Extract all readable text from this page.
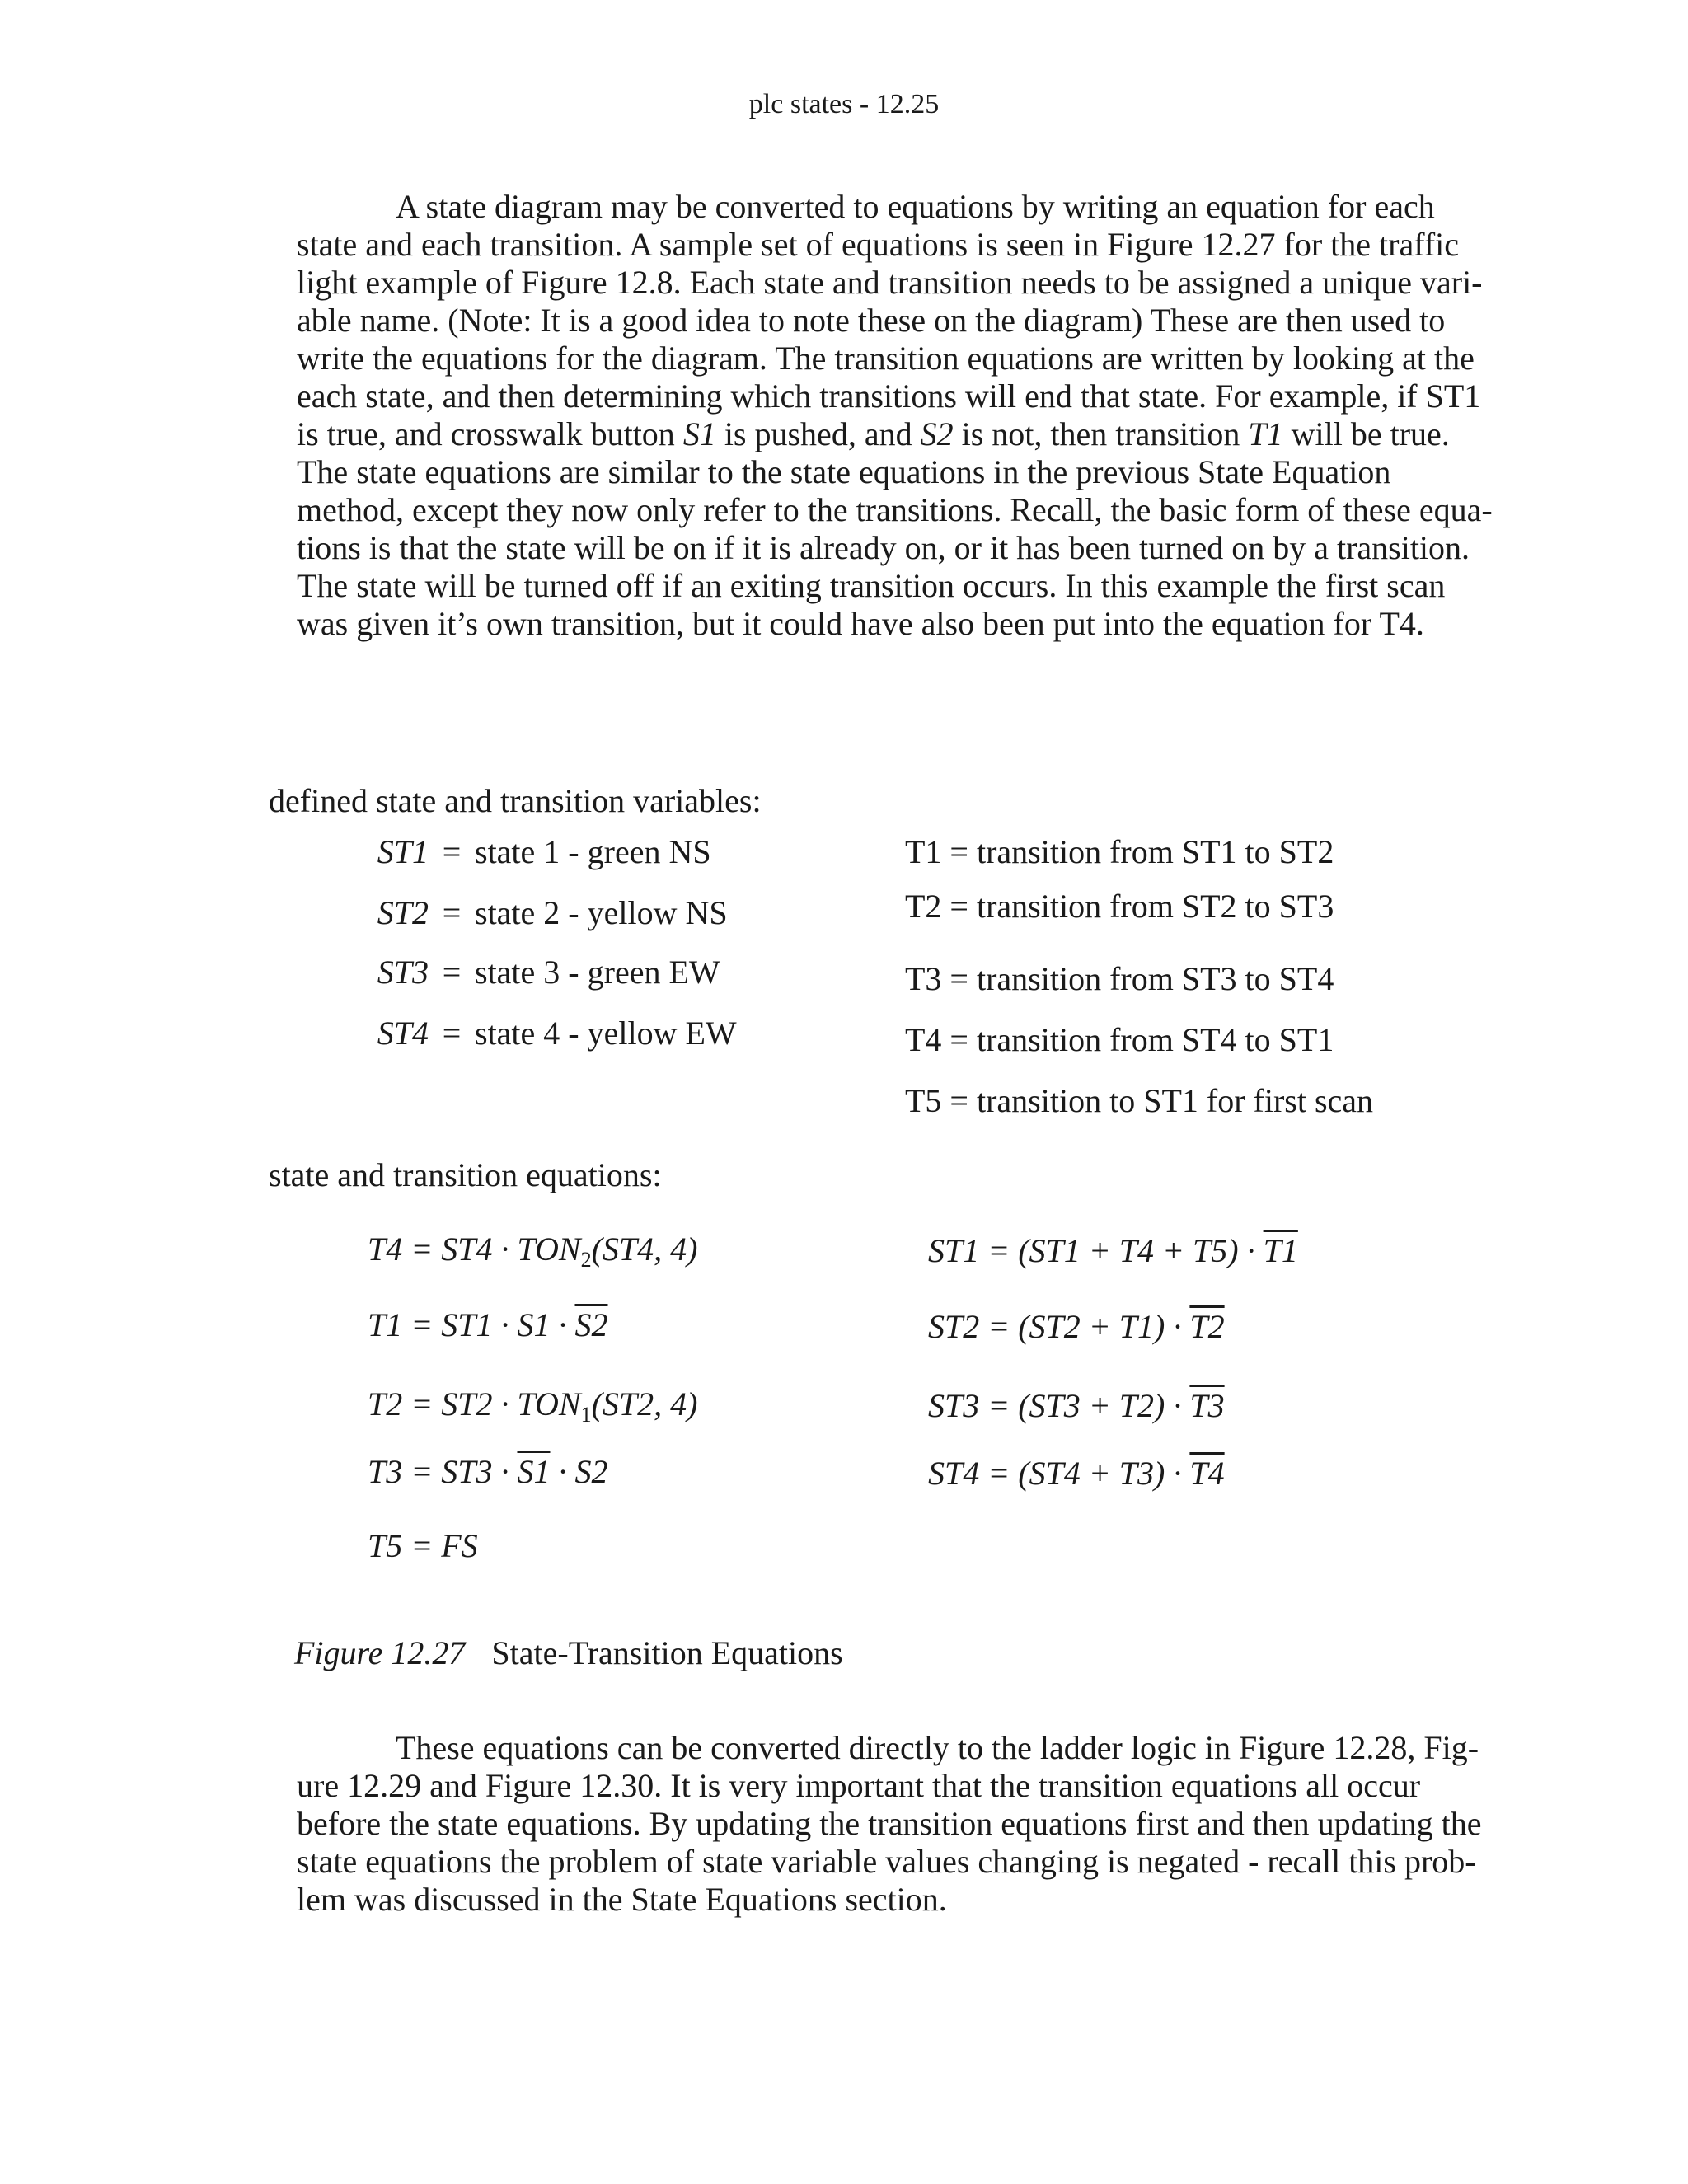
plc states - 12.25
A state diagram may be converted to equations by writing an equation for each
state and each transition. A sample set of equations is seen in Figure 12.27 for the traffic
light example of Figure 12.8. Each state and transition needs to be assigned a unique vari-
able name. (Note: It is a good idea to note these on the diagram) These are then used to
write the equations for the diagram. The transition equations are written by looking at the
each state, and then determining which transitions will end that state. For example, if ST1
is true, and crosswalk button S1 is pushed, and S2 is not, then transition T1 will be true.
The state equations are similar to the state equations in the previous State Equation
method, except they now only refer to the transitions. Recall, the basic form of these equa-
tions is that the state will be on if it is already on, or it has been turned on by a transition.
The state will be turned off if an exiting transition occurs. In this example the first scan
was given it’s own transition, but it could have also been put into the equation for T4.
defined state and transition variables:
ST1 = state 1 - green NS
ST2 = state 2 - yellow NS
ST3 = state 3 - green EW
ST4 = state 4 - yellow EW
T1 = transition from ST1 to ST2
T2 = transition from ST2 to ST3
T3 = transition from ST3 to ST4
T4 = transition from ST4 to ST1
T5 = transition to ST1 for first scan
state and transition equations:
$T4 = ST4 \cdot TON_2(ST4$, 4)
T1 = ST1 · S1 · S2
$T2 = ST2 \cdot TON_1(ST2$, 4)
T3 = ST3 · S1 · S2
T5 = FS
ST1 = (ST1 + T4 + T5) · T1
ST2 = (ST2 + T1) · T2
ST3 = (ST3 + T2) · T3
ST4 = (ST4 + T3) · T4
Figure 12.27 State-Transition Equations
These equations can be converted directly to the ladder logic in Figure 12.28, Fig-
ure 12.29 and Figure 12.30. It is very important that the transition equations all occur
before the state equations. By updating the transition equations first and then updating the
state equations the problem of state variable values changing is negated - recall this prob-
lem was discussed in the State Equations section.
